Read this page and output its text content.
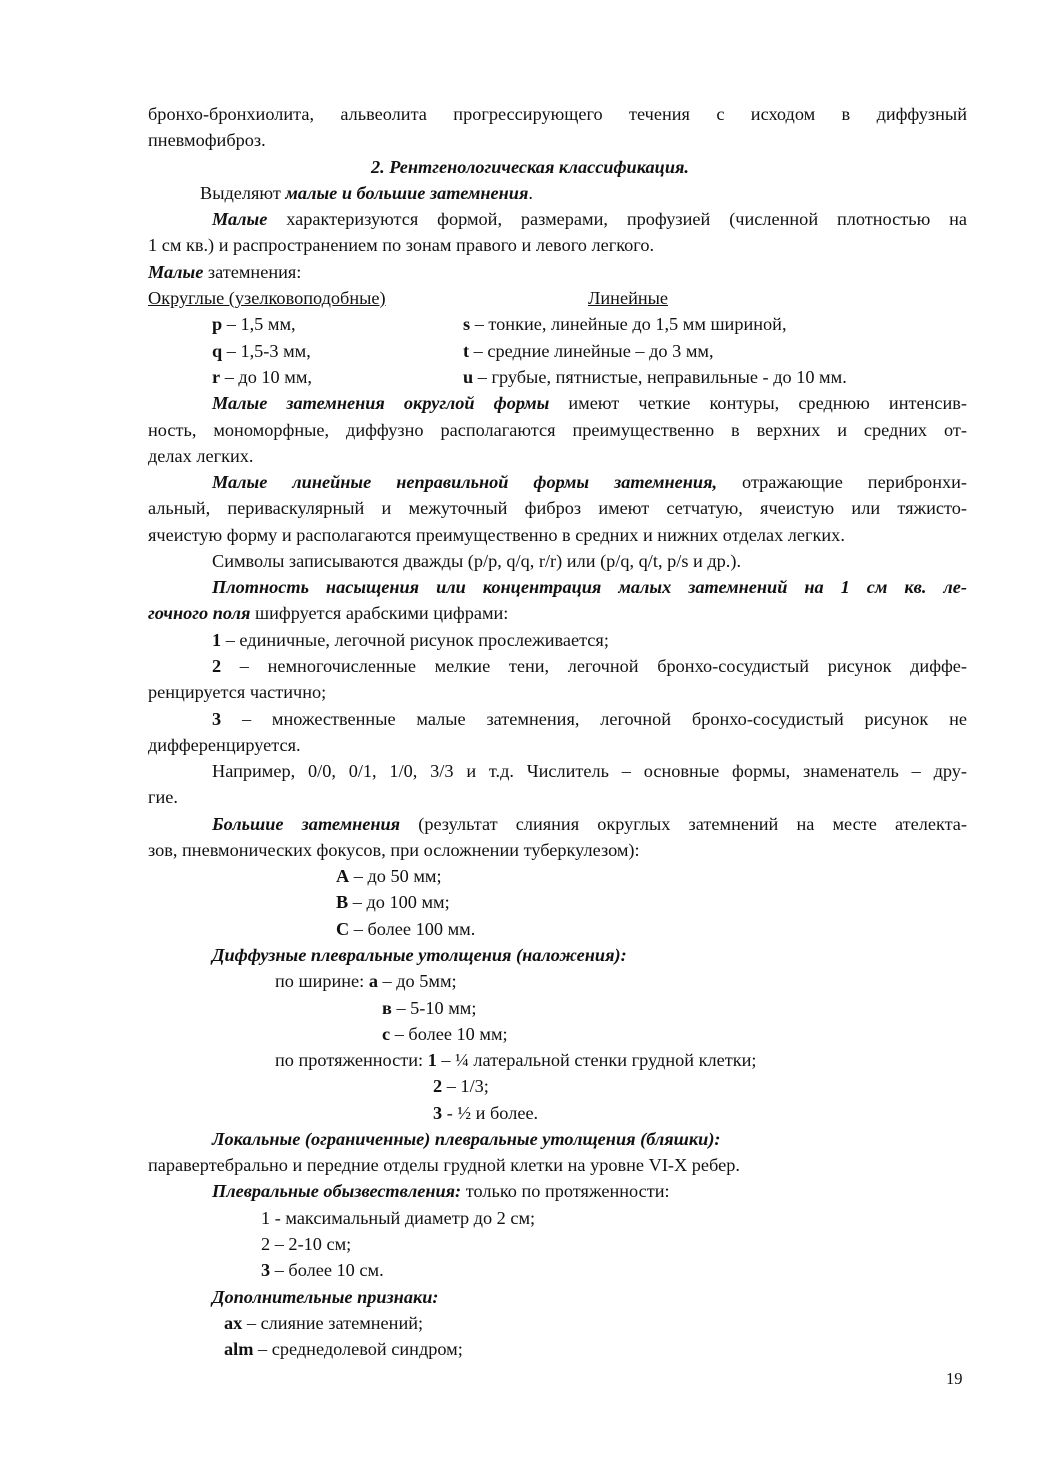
бронхо-бронхиолита, альвеолита прогрессирующего течения с исходом в диффузный
пневмофиброз.
2. Рентгенологическая классификация.
Выделяют малые и большие затемнения.
Малые характеризуются формой, размерами, профузией (численной плотностью на
1 см кв.) и распространением по зонам правого и левого легкого.
Малые затемнения:
Округлые (узелковоподобные)	Линейные
p – 1,5 мм,	s – тонкие, линейные до 1,5 мм шириной,
q – 1,5-3 мм,	t – средние линейные – до 3 мм,
r – до 10 мм,	u – грубые, пятнистые, неправильные - до 10 мм.
Малые затемнения округлой формы имеют четкие контуры, среднюю интенсив-
ность, мономорфные, диффузно располагаются преимущественно в верхних и средних от-
делах легких.
Малые линейные неправильной формы затемнения, отражающие перибронхи-
альный, периваскулярный и межуточный фиброз имеют сетчатую, ячеистую или тяжисто-
ячеистую форму и располагаются преимущественно в средних и нижних отделах легких.
Символы записываются дважды (p/p, q/q, r/r) или (p/q, q/t, p/s и др.).
Плотность насыщения или концентрация малых затемнений на 1 см кв. ле-
гочного поля шифруется арабскими цифрами:
1 – единичные, легочной рисунок прослеживается;
2 – немногочисленные мелкие тени, легочной бронхо-сосудистый рисунок диффе-
ренцируется частично;
3 – множественные малые затемнения, легочной бронхо-сосудистый рисунок не
дифференцируется.
Например, 0/0, 0/1, 1/0, 3/3 и т.д. Числитель – основные формы, знаменатель – дру-
гие.
Большие затемнения (результат слияния округлых затемнений на месте ателекта-
зов, пневмонических фокусов, при осложнении туберкулезом):
A – до 50 мм;
B – до 100 мм;
C – более 100 мм.
Диффузные плевральные утолщения (наложения):
по ширине: a – до 5мм;
в – 5-10 мм;
c – более 10 мм;
по протяженности: 1 – ¼ латеральной стенки грудной клетки;
2 – 1/3;
3 - ½ и более.
Локальные (ограниченные) плевральные утолщения (бляшки):
паравертебрально и передние отделы грудной клетки на уровне VI-X ребер.
Плевральные обызвествления: только по протяженности:
1 - максимальный диаметр до 2 см;
2 – 2-10 см;
3 – более 10 см.
Дополнительные признаки:
ax – слияние затемнений;
alm – среднедолевой синдром;
19
